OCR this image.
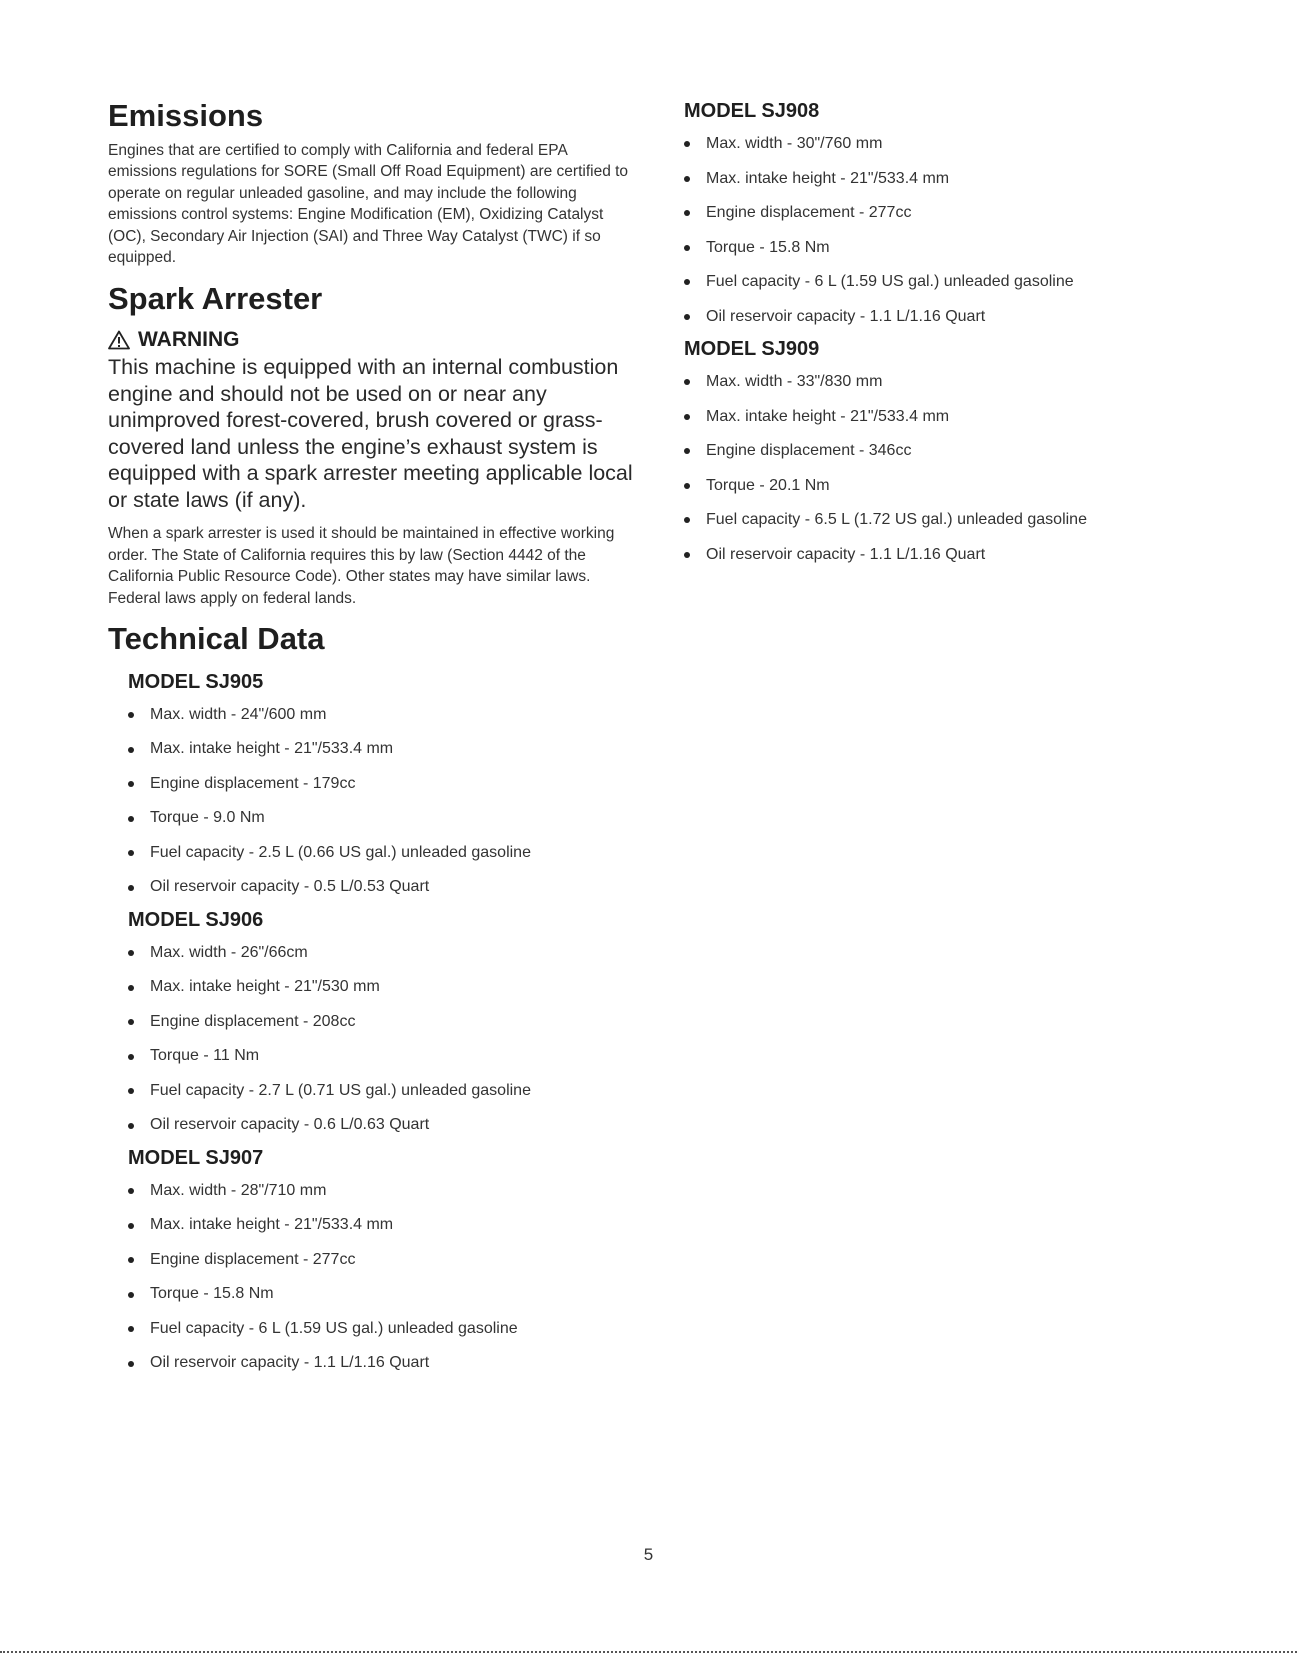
Emissions

Engines that are certified to comply with California and federal EPA emissions regulations for SORE (Small Off Road Equipment) are certified to operate on regular unleaded gasoline, and may include the following emissions control systems: Engine Modification (EM), Oxidizing Catalyst (OC), Secondary Air Injection (SAI) and Three Way Catalyst (TWC) if so equipped.

Spark Arrester
WARNING

This machine is equipped with an internal combustion engine and should not be used on or near any unimproved forest-covered, brush covered or grass-covered land unless the engine’s exhaust system is equipped with a spark arrester meeting applicable local or state laws (if any).

When a spark arrester is used it should be maintained in effective working order. The State of California requires this by law (Section 4442 of the California Public Resource Code). Other states may have similar laws. Federal laws apply on federal lands.

Technical Data
MODEL SJ905
Max. width - 24"/600 mm
Max. intake height - 21"/533.4 mm
Engine displacement - 179cc
Torque - 9.0 Nm
Fuel capacity - 2.5 L (0.66 US gal.) unleaded gasoline
Oil reservoir capacity - 0.5 L/0.53 Quart
MODEL SJ906
Max. width - 26"/66cm
Max. intake height - 21"/530 mm
Engine displacement - 208cc
Torque - 11 Nm
Fuel capacity - 2.7 L (0.71 US gal.) unleaded gasoline
Oil reservoir capacity - 0.6 L/0.63 Quart
MODEL SJ907
Max. width - 28"/710 mm
Max. intake height - 21"/533.4 mm
Engine displacement - 277cc
Torque - 15.8 Nm
Fuel capacity - 6 L (1.59 US gal.) unleaded gasoline
Oil reservoir capacity - 1.1 L/1.16 Quart
MODEL SJ908
Max. width - 30"/760 mm
Max. intake height - 21"/533.4 mm
Engine displacement - 277cc
Torque - 15.8 Nm
Fuel capacity - 6 L (1.59 US gal.) unleaded gasoline
Oil reservoir capacity - 1.1 L/1.16 Quart
MODEL SJ909
Max. width - 33"/830 mm
Max. intake height - 21"/533.4 mm
Engine displacement - 346cc
Torque - 20.1 Nm
Fuel capacity - 6.5 L (1.72 US gal.) unleaded gasoline
Oil reservoir capacity - 1.1 L/1.16 Quart
5
